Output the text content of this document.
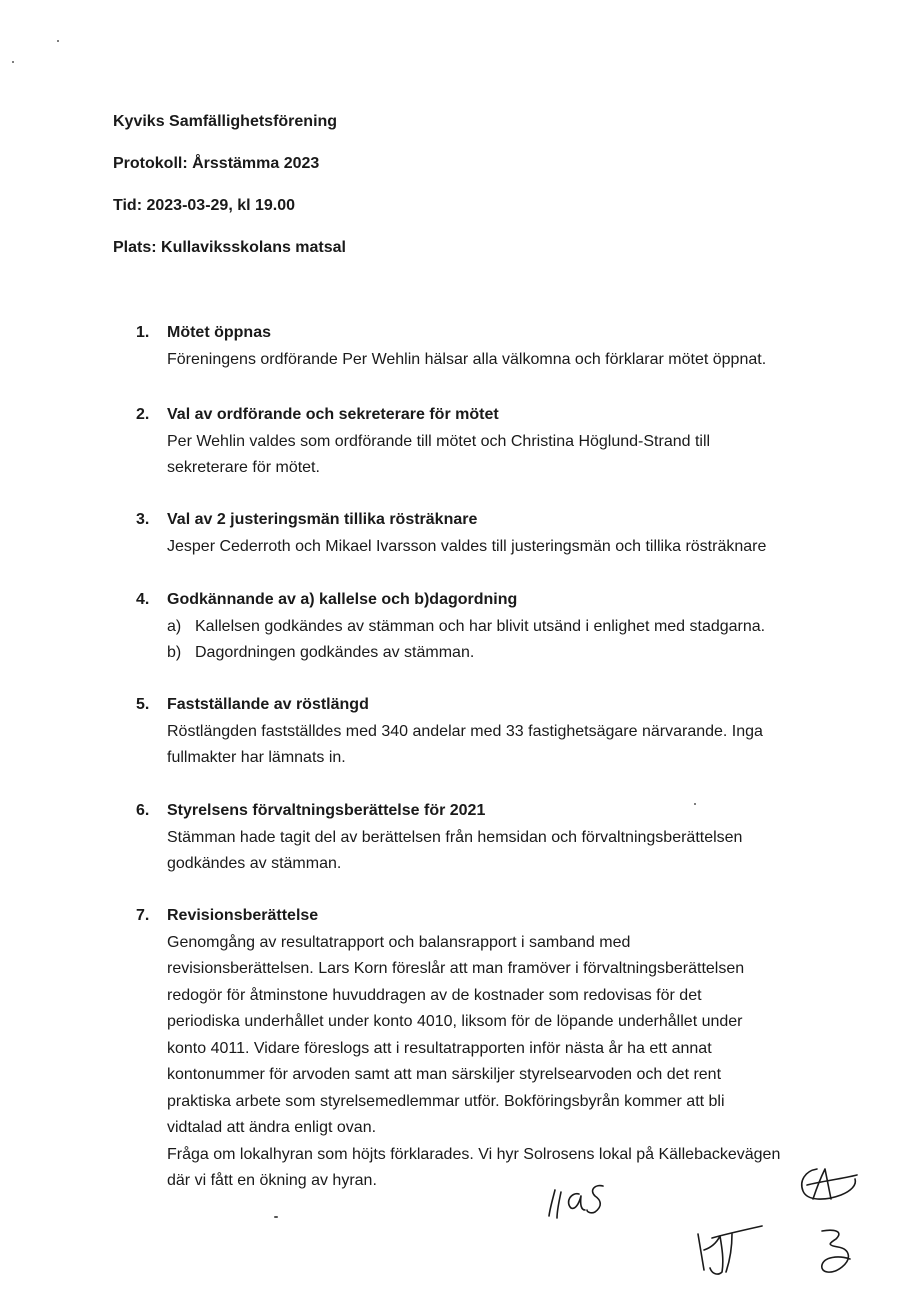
Kyviks Samfällighetsförening
Protokoll: Årsstämma 2023
Tid: 2023-03-29, kl 19.00
Plats: Kullaviksskolans matsal
1.	Mötet öppnas
Föreningens ordförande Per Wehlin hälsar alla välkomna och förklarar mötet öppnat.
2.	Val av ordförande och sekreterare för mötet
Per Wehlin valdes som ordförande till mötet och Christina Höglund-Strand till
sekreterare för mötet.
3.	Val av 2 justeringsmän tillika rösträknare
Jesper Cederroth och Mikael Ivarsson valdes till justeringsmän och tillika rösträknare
4.	Godkännande av a) kallelse och b)dagordning
a) Kallelsen godkändes av stämman och har blivit utsänd i enlighet med stadgarna.
b) Dagordningen godkändes av stämman.
5.	Fastställande av röstlängd
Röstlängden fastställdes med 340 andelar med 33 fastighetsägare närvarande. Inga
fullmakter har lämnats in.
6.	Styrelsens förvaltningsberättelse för 2021
Stämman hade tagit del av berättelsen från hemsidan och förvaltningsberättelsen
godkändes av stämman.
7.	Revisionsberättelse
Genomgång av resultatrapport och balansrapport i samband med
revisionsberättelsen. Lars Korn föreslår att man framöver i förvaltningsberättelsen
redogör för åtminstone huvuddragen av de kostnader som redovisas för det
periodiska underhållet under konto 4010, liksom för de löpande underhållet under
konto 4011. Vidare föreslogs att i resultatrapporten inför nästa år ha ett annat
kontonummer för arvoden samt att man särskiljer styrelsearvoden och det rent
praktiska arbete som styrelsemedlemmar utför. Bokföringsbyrån kommer att bli
vidtalad att ändra enligt ovan.
Fråga om lokalhyran som höjts förklarades. Vi hyr Solrosens lokal på Källebackevägen
där vi fått en ökning av hyran.
